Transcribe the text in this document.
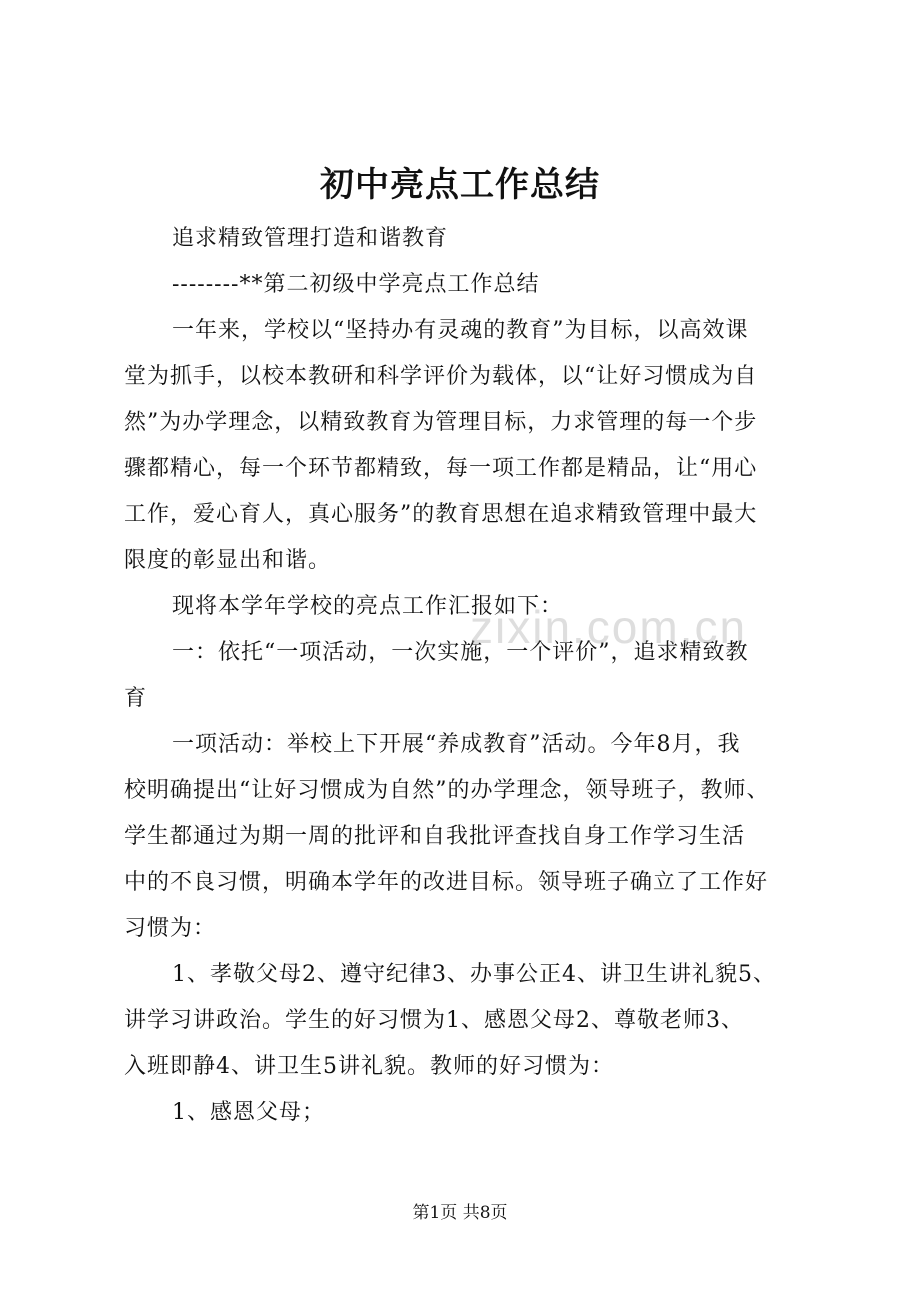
初中亮点工作总结
追求精致管理打造和谐教育
--------**第二初级中学亮点工作总结
一年来，学校以“坚持办有灵魂的教育”为目标，以高效课
堂为抓手，以校本教研和科学评价为载体，以“让好习惯成为自
然”为办学理念，以精致教育为管理目标，力求管理的每一个步
骤都精心，每一个环节都精致，每一项工作都是精品，让“用心
工作，爱心育人，真心服务”的教育思想在追求精致管理中最大
限度的彰显出和谐。
现将本学年学校的亮点工作汇报如下：
一：依托“一项活动，一次实施，一个评价”，追求精致教
育
一项活动：举校上下开展“养成教育”活动。今年8月，我
校明确提出“让好习惯成为自然”的办学理念，领导班子，教师、
学生都通过为期一周的批评和自我批评查找自身工作学习生活
中的不良习惯，明确本学年的改进目标。领导班子确立了工作好
习惯为：
1、孝敬父母2、遵守纪律3、办事公正4、讲卫生讲礼貌5、
讲学习讲政治。学生的好习惯为1、感恩父母2、尊敬老师3、
入班即静4、讲卫生5讲礼貌。教师的好习惯为：
1、感恩父母；
zixin.com.cn
第1页 共8页
